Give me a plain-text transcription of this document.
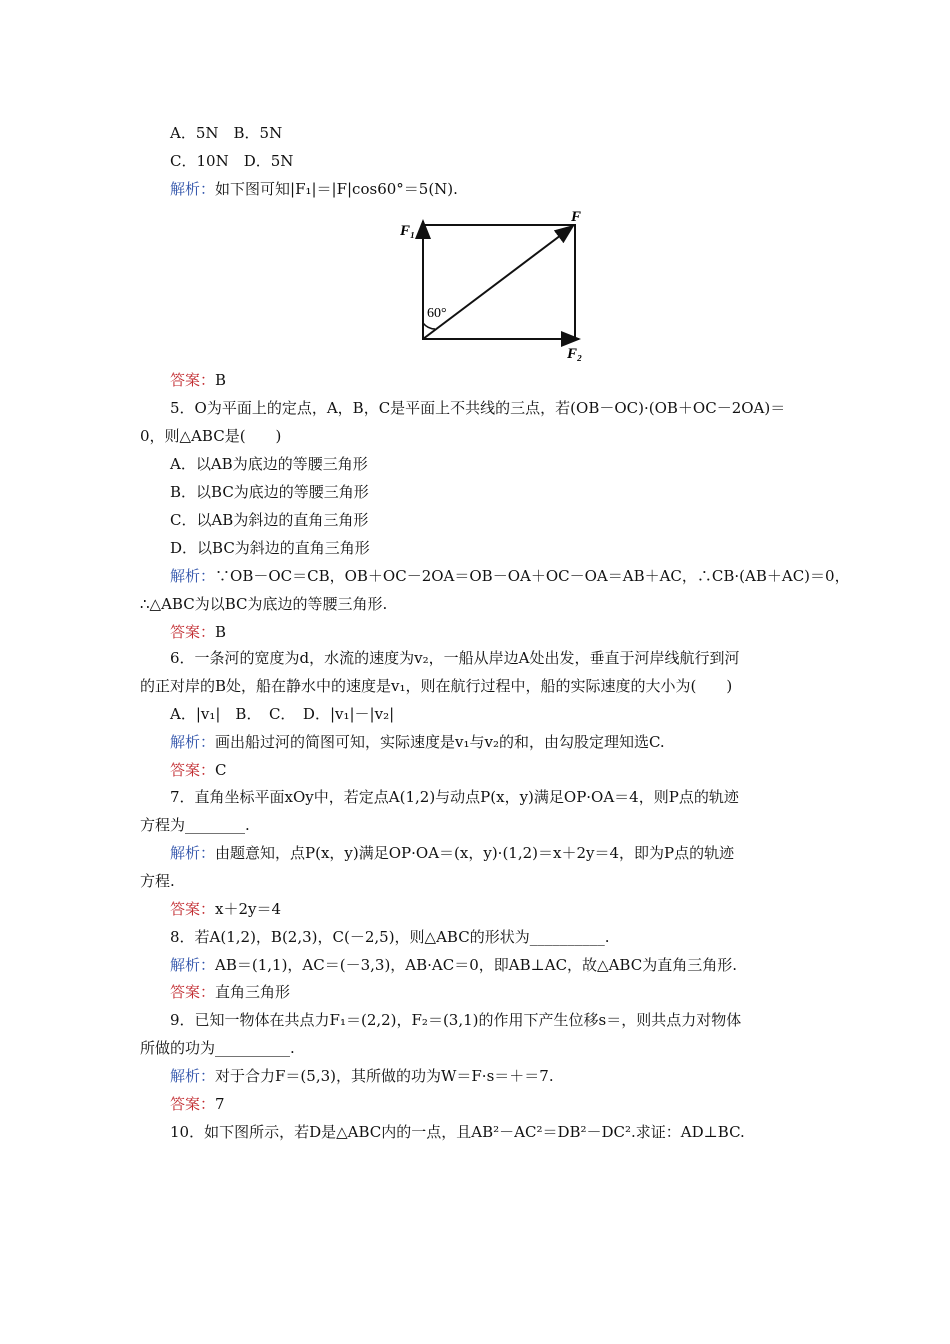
A．5N　B．5N
C．10N　D．5N
解析：如下图可知|F₁|＝|F|cos60°＝5(N).
F₁
F
F₂
60°
答案：B
5．O为平面上的定点，A，B，C是平面上不共线的三点，若(OB－OC)·(OB＋OC－2OA)＝
0，则△ABC是(　　)
A．以AB为底边的等腰三角形
B．以BC为底边的等腰三角形
C．以AB为斜边的直角三角形
D．以BC为斜边的直角三角形
解析：∵OB－OC＝CB，OB＋OC－2OA＝OB－OA＋OC－OA＝AB＋AC，∴CB·(AB＋AC)＝0，
∴△ABC为以BC为底边的等腰三角形.
答案：B
6．一条河的宽度为d，水流的速度为v₂，一船从岸边A处出发，垂直于河岸线航行到河
的正对岸的B处，船在静水中的速度是v₁，则在航行过程中，船的实际速度的大小为(　　)
A．|v₁|　B．　C．　D．|v₁|－|v₂|
解析：画出船过河的简图可知，实际速度是v₁与v₂的和，由勾股定理知选C.
答案：C
7．直角坐标平面xOy中，若定点A(1,2)与动点P(x，y)满足OP·OA＝4，则P点的轨迹
方程为________.
解析：由题意知，点P(x，y)满足OP·OA＝(x，y)·(1,2)＝x＋2y＝4，即为P点的轨迹
方程.
答案：x＋2y＝4
8．若A(1,2)，B(2,3)，C(－2,5)，则△ABC的形状为__________.
解析：AB＝(1,1)，AC＝(－3,3)，AB·AC＝0，即AB⊥AC，故△ABC为直角三角形.
答案：直角三角形
9．已知一物体在共点力F₁＝(2,2)，F₂＝(3,1)的作用下产生位移s＝，则共点力对物体
所做的功为__________.
解析：对于合力F＝(5,3)，其所做的功为W＝F·s＝＋＝7.
答案：7
10．如下图所示，若D是△ABC内的一点，且AB²－AC²＝DB²－DC².求证：AD⊥BC.
